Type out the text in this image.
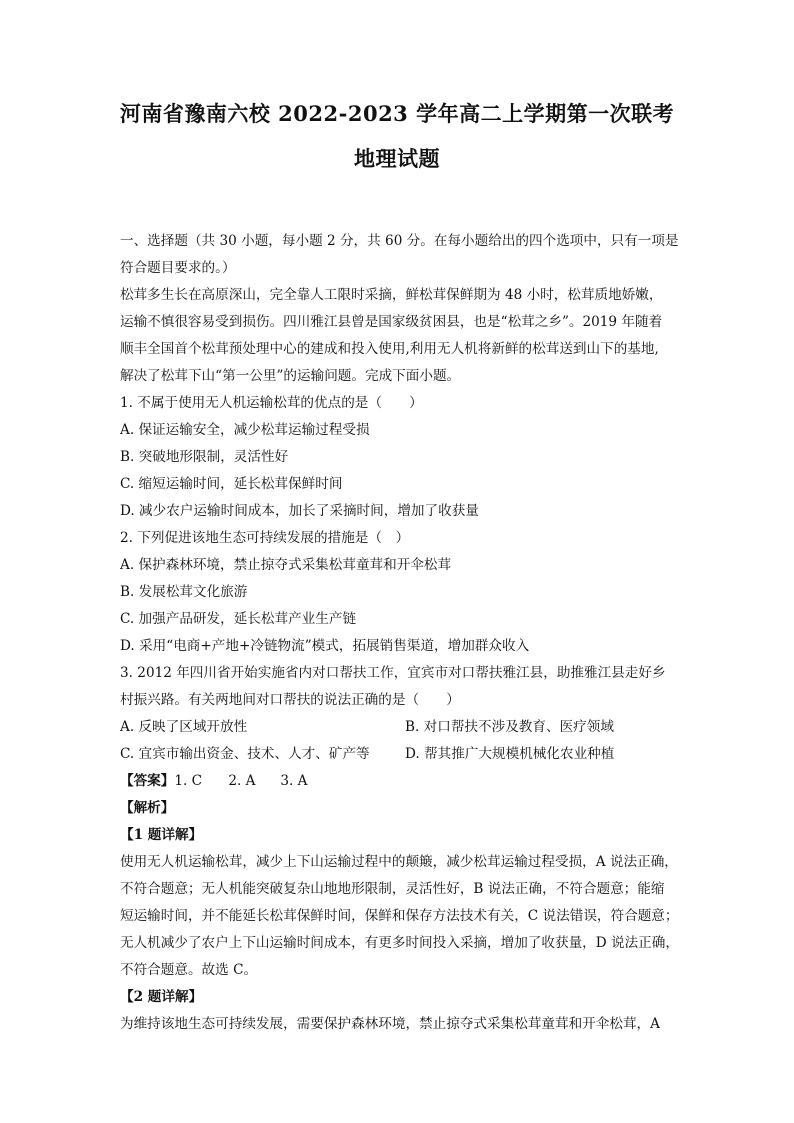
河南省豫南六校 2022-2023 学年高二上学期第一次联考
地理试题
一、选择题（共 30 小题，每小题 2 分，共 60 分。在每小题给出的四个选项中，只有一项是
符合题目要求的。）
松茸多生长在高原深山，完全靠人工限时采摘，鲜松茸保鲜期为 48 小时，松茸质地娇嫩，
运输不慎很容易受到损伤。四川雅江县曾是国家级贫困县，也是“松茸之乡”。2019 年随着
顺丰全国首个松茸预处理中心的建成和投入使用,利用无人机将新鲜的松茸送到山下的基地,
解决了松茸下山“第一公里”的运输问题。完成下面小题。
1. 不属于使用无人机运输松茸的优点的是（　　）
A. 保证运输安全，减少松茸运输过程受损
B. 突破地形限制，灵活性好
C. 缩短运输时间，延长松茸保鲜时间
D. 减少农户运输时间成本，加长了采摘时间，增加了收获量
2. 下列促进该地生态可持续发展的措施是（　）
A. 保护森林环境，禁止掠夺式采集松茸童茸和开伞松茸
B. 发展松茸文化旅游
C. 加强产品研发，延长松茸产业生产链
D. 采用“电商+产地+冷链物流”模式，拓展销售渠道，增加群众收入
3. 2012 年四川省开始实施省内对口帮扶工作，宜宾市对口帮扶雅江县，助推雅江县走好乡
村振兴路。有关两地间对口帮扶的说法正确的是（　　）
A. 反映了区域开放性	B. 对口帮扶不涉及教育、医疗领域
C. 宜宾市输出资金、技术、人才、矿产等	D. 帮其推广大规模机械化农业种植
【答案】1. C 2. A 3. A
【解析】
【1 题详解】
使用无人机运输松茸，减少上下山运输过程中的颠簸，减少松茸运输过程受损，A 说法正确，
不符合题意；无人机能突破复杂山地地形限制，灵活性好，B 说法正确，不符合题意；能缩
短运输时间，并不能延长松茸保鲜时间，保鲜和保存方法技术有关，C 说法错误，符合题意；
无人机减少了农户上下山运输时间成本，有更多时间投入采摘，增加了收获量，D 说法正确，
不符合题意。故选 C。
【2 题详解】
为维持该地生态可持续发展，需要保护森林环境，禁止掠夺式采集松茸童茸和开伞松茸，A
